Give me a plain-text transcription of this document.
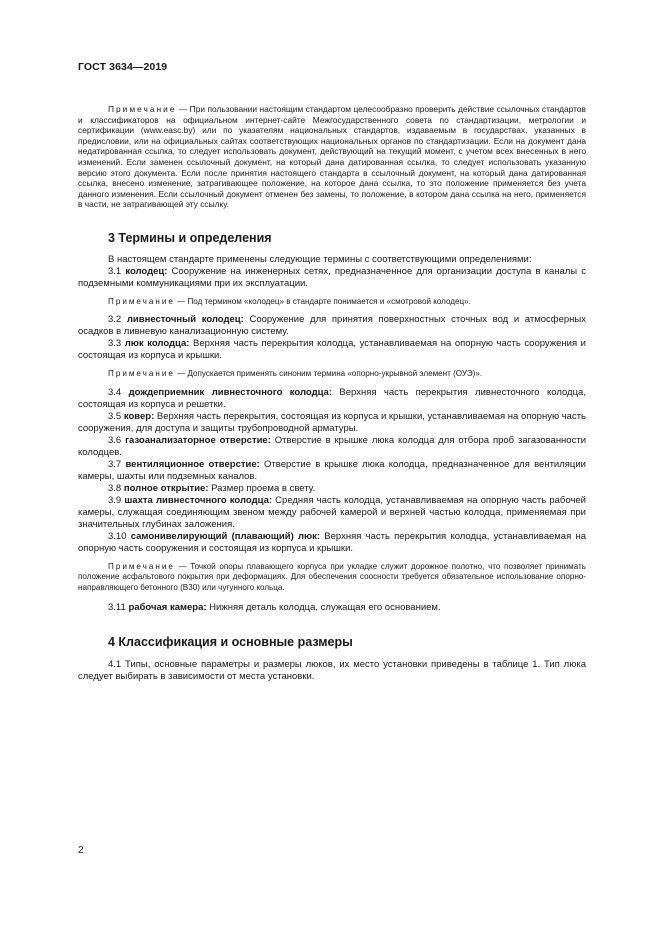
ГОСТ 3634—2019

Примечание — При пользовании настоящим стандартом целесообразно проверить действие ссылочных стандартов и классификаторов на официальном интернет-сайте Межгосударственного совета по стандартизации, метрологии и сертификации (www.easc.by) или по указателям национальных стандартов, издаваемым в государствах, указанных в предисловии, или на официальных сайтах соответствующих национальных органов по стандартизации. Если на документ дана недатированная ссылка, то следует использовать документ, действующий на текущий момент, с учетом всех внесенных в него изменений. Если заменен ссылочный документ, на который дана датированная ссылка, то следует использовать указанную версию этого документа. Если после принятия настоящего стандарта в ссылочный документ, на который дана датированная ссылка, внесено изменение, затрагивающее положение, на которое дана ссылка, то это положение применяется без учета данного изменения. Если ссылочный документ отменен без замены, то положение, в котором дана ссылка на него, применяется в части, не затрагивающей эту ссылку.

3 Термины и определения

В настоящем стандарте применены следующие термины с соответствующими определениями:

3.1 колодец: Сооружение на инженерных сетях, предназначенное для организации доступа в каналы с подземными коммуникациями при их эксплуатации.

Примечание — Под термином «колодец» в стандарте понимается и «смотровой колодец».

3.2 ливнесточный колодец: Сооружение для принятия поверхностных сточных вод и атмосферных осадков в ливневую канализационную систему.

3.3 люк колодца: Верхняя часть перекрытия колодца, устанавливаемая на опорную часть сооружения и состоящая из корпуса и крышки.

Примечание — Допускается применять синоним термина «опорно-укрывной элемент (ОУЭ)».

3.4 дождеприемник ливнесточного колодца: Верхняя часть перекрытия ливнесточного колодца, состоящая из корпуса и решетки.

3.5 ковер: Верхняя часть перекрытия, состоящая из корпуса и крышки, устанавливаемая на опорную часть сооружения, для доступа и защиты трубопроводной арматуры.

3.6 газоанализаторное отверстие: Отверстие в крышке люка колодца для отбора проб загазованности колодцев.

3.7 вентиляционное отверстие: Отверстие в крышке люка колодца, предназначенное для вентиляции камеры, шахты или подземных каналов.

3.8 полное открытие: Размер проема в свету.

3.9 шахта ливнесточного колодца: Средняя часть колодца, устанавливаемая на опорную часть рабочей камеры, служащая соединяющим звеном между рабочей камерой и верхней частью колодца, применяемая при значительных глубинах заложения.

3.10 самонивелирующий (плавающий) люк: Верхняя часть перекрытия колодца, устанавливаемая на опорную часть сооружения и состоящая из корпуса и крышки.

Примечание — Точкой опоры плавающего корпуса при укладке служит дорожное полотно, что позволяет принимать положение асфальтового покрытия при деформациях. Для обеспечения соосности требуется обязательное использование опорно-направляющего бетонного (B30) или чугунного кольца.

3.11 рабочая камера: Нижняя деталь колодца, служащая его основанием.

4 Классификация и основные размеры

4.1 Типы, основные параметры и размеры люков, их место установки приведены в таблице 1. Тип люка следует выбирать в зависимости от места установки.

2
